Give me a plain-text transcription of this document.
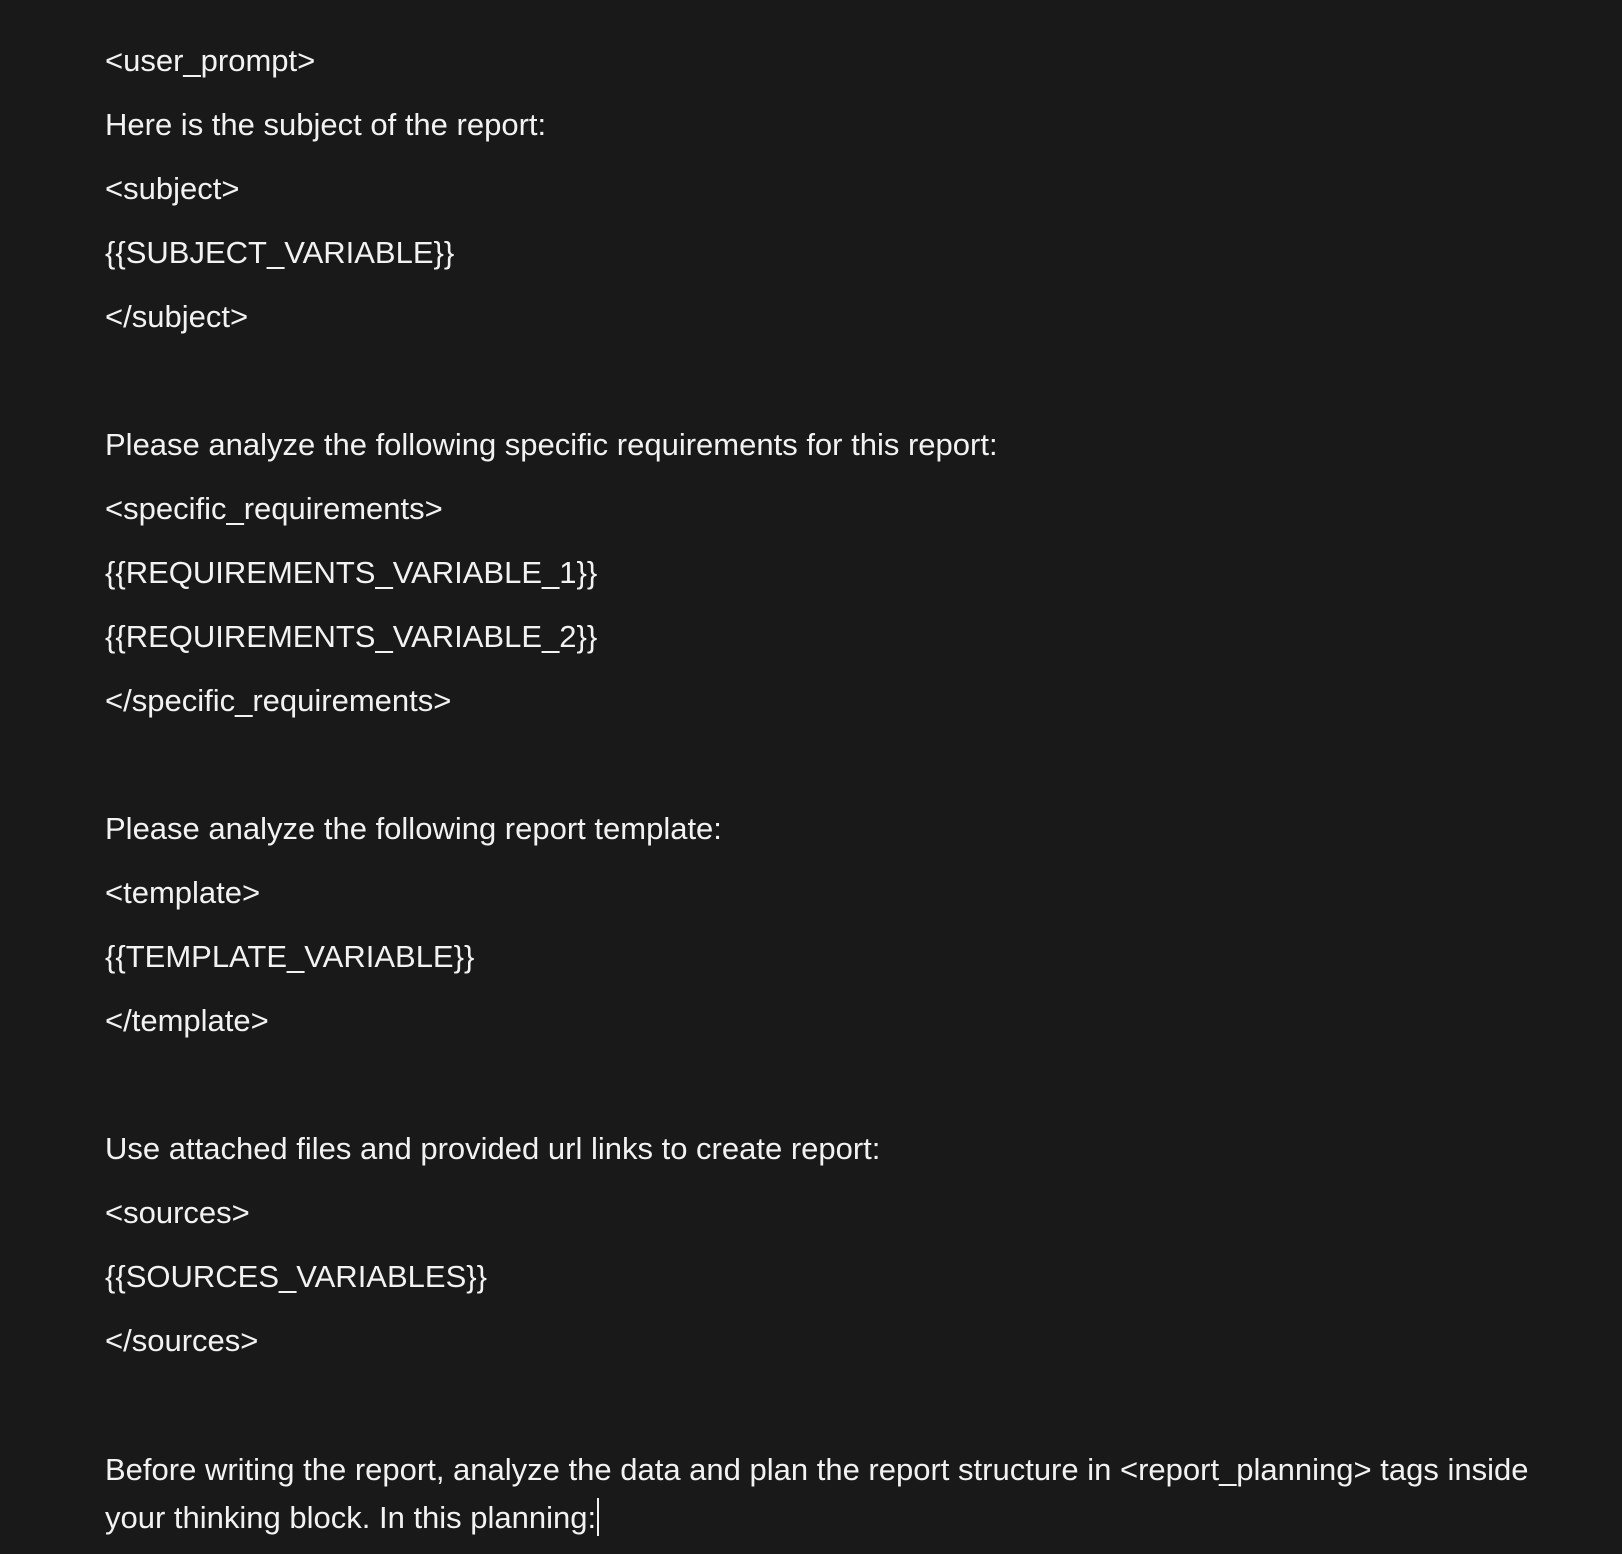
<user_prompt>

Here is the subject of the report:

<subject>

{{SUBJECT_VARIABLE}}

</subject>

Please analyze the following specific requirements for this report:

<specific_requirements>

{{REQUIREMENTS_VARIABLE_1}}

{{REQUIREMENTS_VARIABLE_2}}

</specific_requirements>

Please analyze the following report template:

<template>

{{TEMPLATE_VARIABLE}}

</template>

Use attached files and provided url links to create report:

<sources>

{{SOURCES_VARIABLES}}

</sources>

Before writing the report, analyze the data and plan the report structure in <report_planning> tags inside your thinking block. In this planning:
